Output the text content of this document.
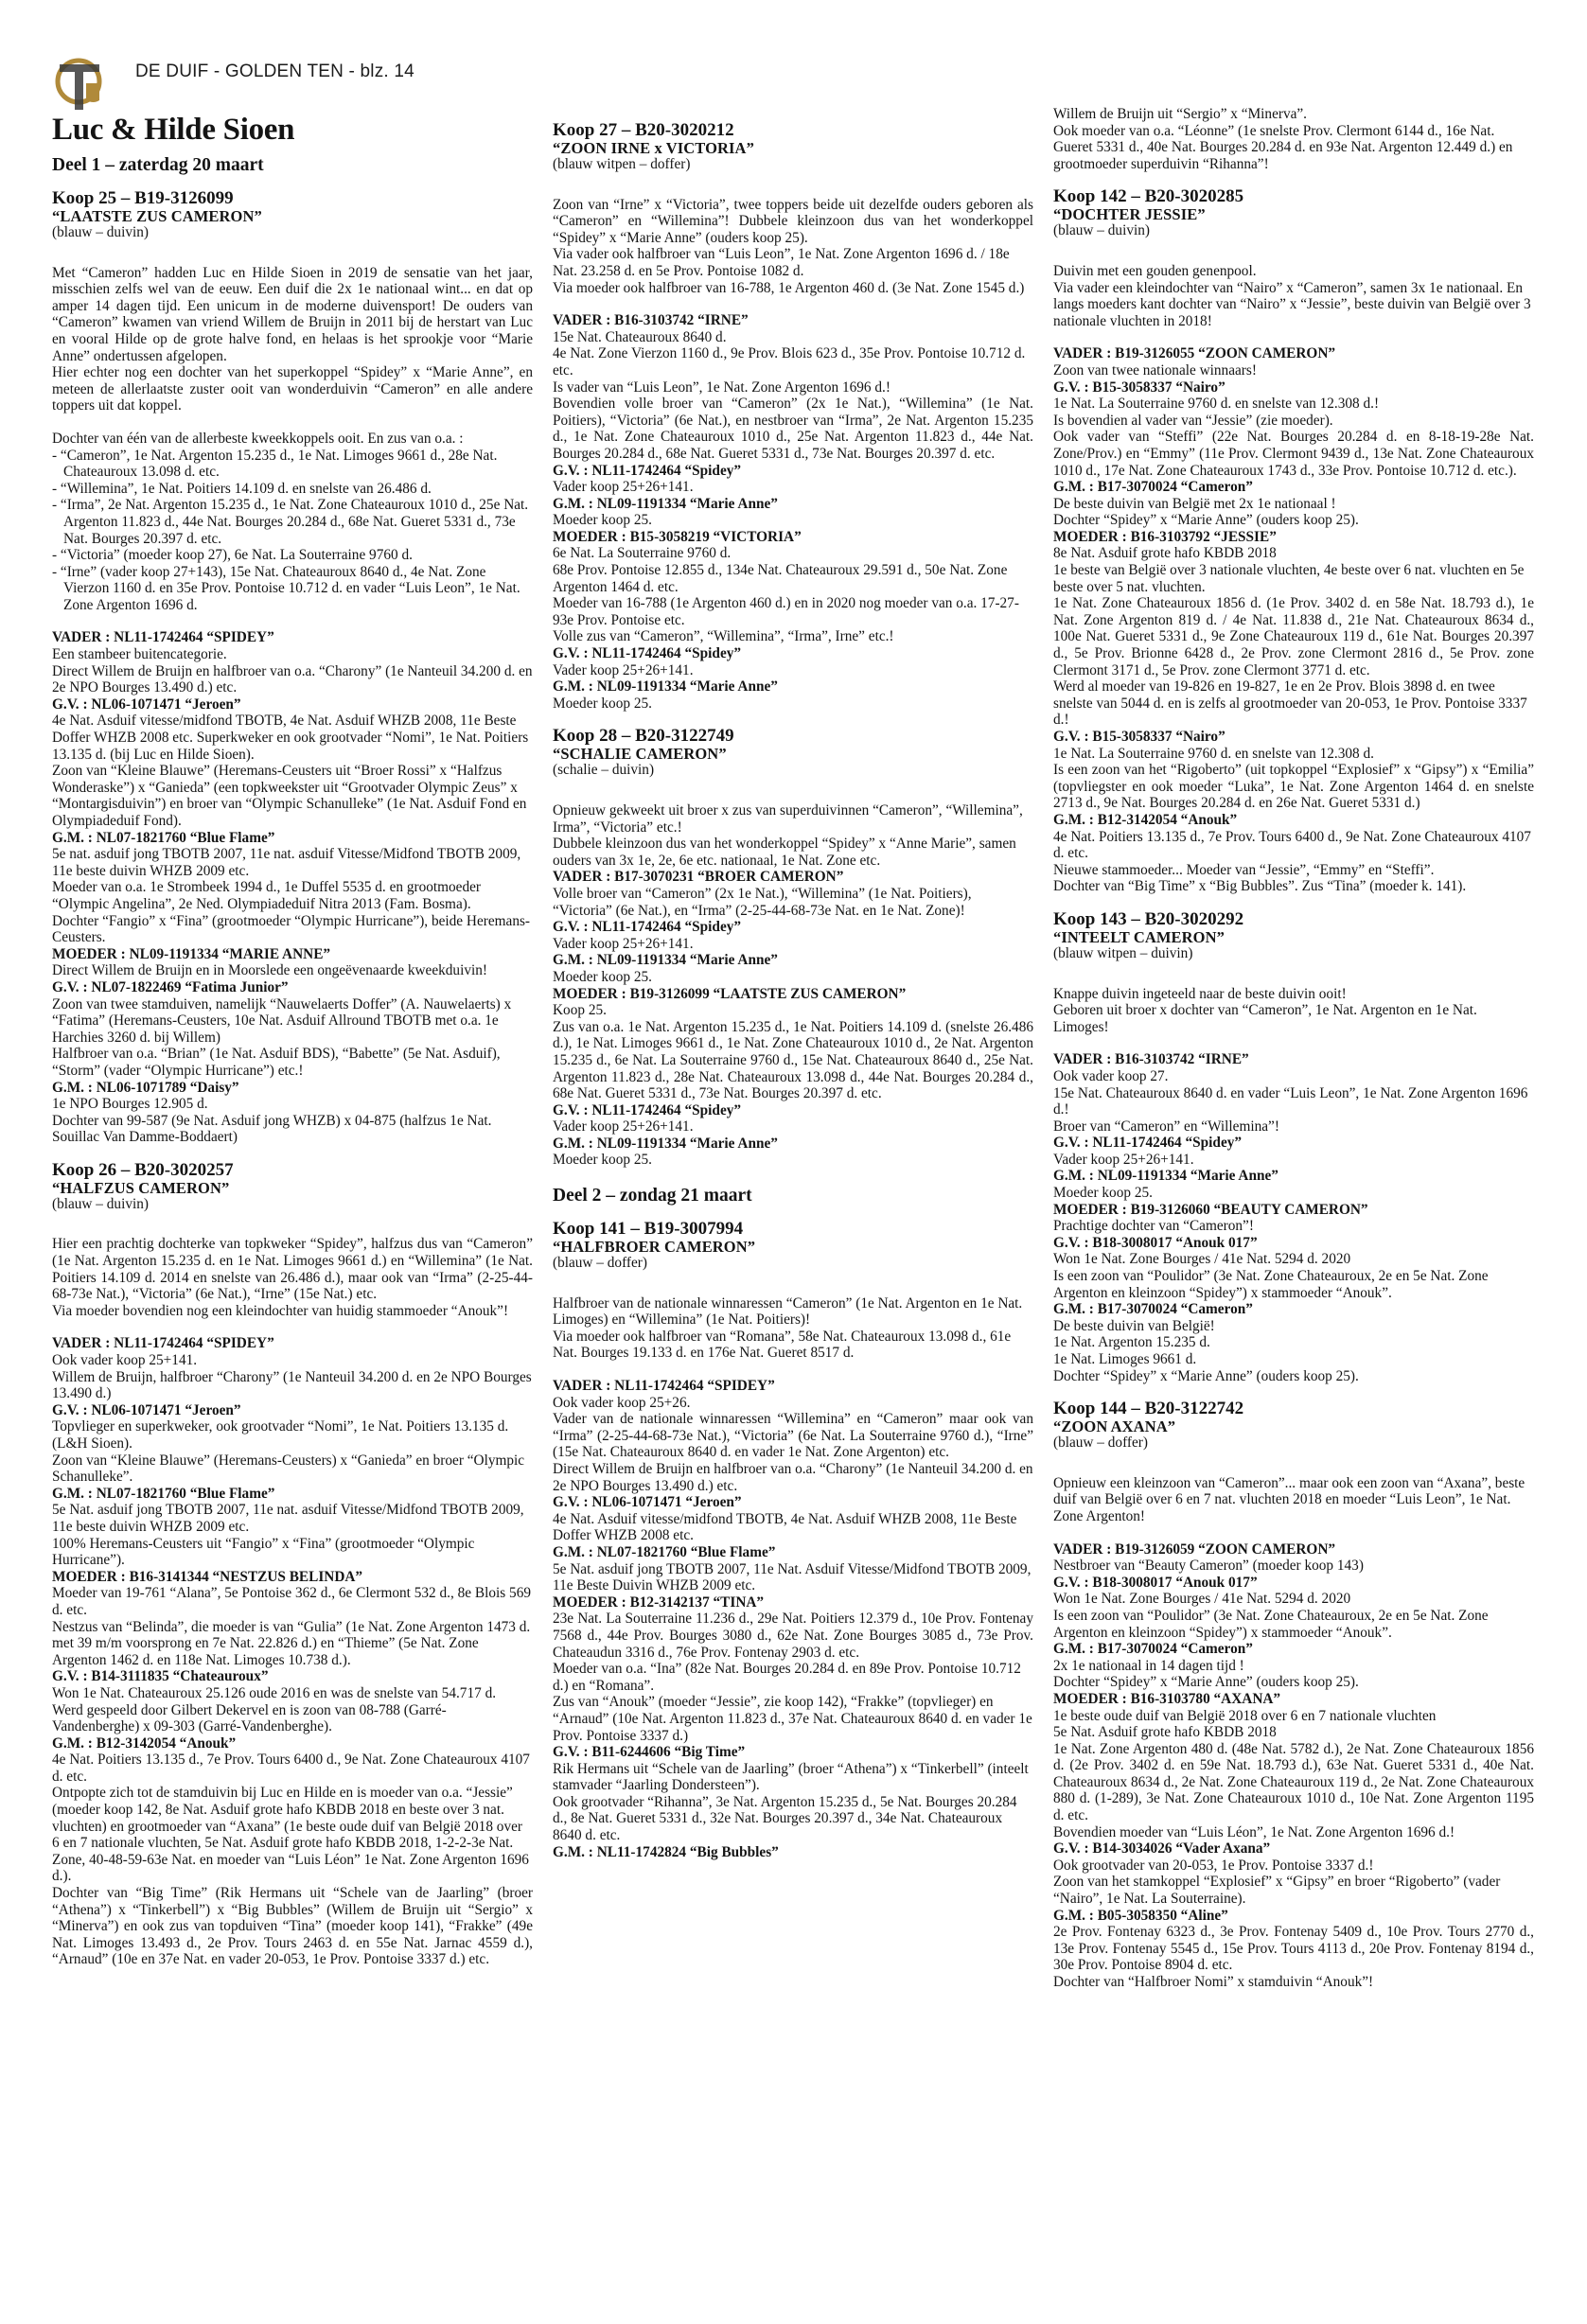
DE DUIF - GOLDEN TEN - blz. 14
Luc & Hilde Sioen
Deel 1 – zaterdag 20 maart
Koop 25 – B19-3126099
“LAATSTE ZUS CAMERON”
(blauw – duivin)

Met “Cameron” hadden Luc en Hilde Sioen in 2019 de sensatie van het jaar, misschien zelfs wel van de eeuw. Een duif die 2x 1e nationaal wint... en dat op amper 14 dagen tijd. Een unicum in de moderne duivensport! De ouders van “Cameron” kwamen van vriend Willem de Bruijn in 2011 bij de herstart van Luc en vooral Hilde op de grote halve fond, en helaas is het sprookje voor “Marie Anne” ondertussen afgelopen.

Hier echter nog een dochter van het superkoppel “Spidey” x “Marie Anne”, en meteen de allerlaatste zuster ooit van wonderduivin “Cameron” en alle andere toppers uit dat koppel.

Dochter van één van de allerbeste kweekkoppels ooit. En zus van o.a. :

- “Cameron”, 1e Nat. Argenton 15.235 d., 1e Nat. Limoges 9661 d., 28e Nat. Chateauroux 13.098 d. etc.
- “Willemina”, 1e Nat. Poitiers 14.109 d. en snelste van 26.486 d.
- “Irma”, 2e Nat. Argenton 15.235 d., 1e Nat. Zone Chateauroux 1010 d., 25e Nat. Argenton 11.823 d., 44e Nat. Bourges 20.284 d., 68e Nat. Gueret 5331 d., 73e Nat. Bourges 20.397 d. etc.
- “Victoria” (moeder koop 27), 6e Nat. La Souterraine 9760 d.
- “Irne” (vader koop 27+143), 15e Nat. Chateauroux 8640 d., 4e Nat. Zone Vierzon 1160 d. en 35e Prov. Pontoise 10.712 d. en vader “Luis Leon”, 1e Nat. Zone Argenton 1696 d.

VADER : NL11-1742464 “SPIDEY”

Een stambeer buitencategorie.

Direct Willem de Bruijn en halfbroer van o.a. “Charony” (1e Nanteuil 34.200 d. en 2e NPO Bourges 13.490 d.) etc.

G.V. : NL06-1071471 “Jeroen”

4e Nat. Asduif vitesse/midfond TBOTB, 4e Nat. Asduif WHZB 2008, 11e Beste Doffer WHZB 2008 etc. Superkweker en ook grootvader “Nomi”, 1e Nat. Poitiers 13.135 d. (bij Luc en Hilde Sioen).

Zoon van “Kleine Blauwe” (Heremans-Ceusters uit “Broer Rossi” x “Halfzus Wonderaske”) x “Ganieda” (een topkweekster uit “Grootvader Olympic Zeus” x “Montargisduivin”) en broer van “Olympic Schanulleke” (1e Nat. Asduif Fond en Olympiadeduif Fond).

G.M. : NL07-1821760 “Blue Flame”

5e nat. asduif jong TBOTB 2007, 11e nat. asduif Vitesse/Midfond TBOTB 2009, 11e beste duivin WHZB 2009 etc.

Moeder van o.a. 1e Strombeek 1994 d., 1e Duffel 5535 d. en grootmoeder “Olympic Angelina”, 2e Ned. Olympiadeduif Nitra 2013 (Fam. Bosma).

Dochter “Fangio” x “Fina” (grootmoeder “Olympic Hurricane”), beide Heremans-Ceusters.

MOEDER : NL09-1191334 “MARIE ANNE”

Direct Willem de Bruijn en in Moorslede een ongeëvenaarde kweekduivin!

G.V. : NL07-1822469 “Fatima Junior”

Zoon van twee stamduiven, namelijk “Nauwelaerts Doffer” (A. Nauwelaerts) x “Fatima” (Heremans-Ceusters, 10e Nat. Asduif Allround TBOTB met o.a. 1e Harchies 3260 d. bij Willem)

Halfbroer van o.a. “Brian” (1e Nat. Asduif BDS), “Babette” (5e Nat. Asduif), “Storm” (vader “Olympic Hurricane”) etc.!

G.M. : NL06-1071789 “Daisy”

1e NPO Bourges 12.905 d.

Dochter van 99-587 (9e Nat. Asduif jong WHZB) x 04-875 (halfzus 1e Nat. Souillac Van Damme-Boddaert)

Koop 26 – B20-3020257
“HALFZUS CAMERON”
(blauw – duivin)

Hier een prachtig dochterke van topkweker “Spidey”, halfzus dus van “Cameron” (1e Nat. Argenton 15.235 d. en 1e Nat. Limoges 9661 d.) en “Willemina” (1e Nat. Poitiers 14.109 d. 2014 en snelste van 26.486 d.), maar ook van “Irma” (2-25-44-68-73e Nat.), “Victoria” (6e Nat.), “Irne” (15e Nat.) etc.

Via moeder bovendien nog een kleindochter van huidig stammoeder “Anouk”!

VADER : NL11-1742464 “SPIDEY”

Ook vader koop 25+141.

Willem de Bruijn, halfbroer “Charony” (1e Nanteuil 34.200 d. en 2e NPO Bourges 13.490 d.)

G.V. : NL06-1071471 “Jeroen”

Topvlieger en superkweker, ook grootvader “Nomi”, 1e Nat. Poitiers 13.135 d. (L&H Sioen).

Zoon van “Kleine Blauwe” (Heremans-Ceusters) x “Ganieda” en broer “Olympic Schanulleke”.

G.M. : NL07-1821760 “Blue Flame”

5e Nat. asduif jong TBOTB 2007, 11e nat. asduif Vitesse/Midfond TBOTB 2009, 11e beste duivin WHZB 2009 etc.

100% Heremans-Ceusters uit “Fangio” x “Fina” (grootmoeder “Olympic Hurricane”).

MOEDER : B16-3141344 “NESTZUS BELINDA”

Moeder van 19-761 “Alana”, 5e Pontoise 362 d., 6e Clermont 532 d., 8e Blois 569 d. etc.

Nestzus van “Belinda”, die moeder is van “Gulia” (1e Nat. Zone Argenton 1473 d. met 39 m/m voorsprong en 7e Nat. 22.826 d.) en “Thieme” (5e Nat. Zone Argenton 1462 d. en 118e Nat. Limoges 10.738 d.).

G.V. : B14-3111835 “Chateauroux”

Won 1e Nat. Chateauroux 25.126 oude 2016 en was de snelste van 54.717 d.

Werd gespeeld door Gilbert Dekervel en is zoon van 08-788 (Garré-Vandenberghe) x 09-303 (Garré-Vandenberghe).

G.M. : B12-3142054 “Anouk”

4e Nat. Poitiers 13.135 d., 7e Prov. Tours 6400 d., 9e Nat. Zone Chateauroux 4107 d. etc.

Ontpopte zich tot de stamduivin bij Luc en Hilde en is moeder van o.a. “Jessie” (moeder koop 142, 8e Nat. Asduif grote hafo KBDB 2018 en beste over 3 nat. vluchten) en grootmoeder van “Axana” (1e beste oude duif van België 2018 over 6 en 7 nationale vluchten, 5e Nat. Asduif grote hafo KBDB 2018, 1-2-2-3e Nat. Zone, 40-48-59-63e Nat. en moeder van “Luis Léon” 1e Nat. Zone Argenton 1696 d.).

Dochter van “Big Time” (Rik Hermans uit “Schele van de Jaarling” (broer “Athena”) x “Tinkerbell”) x “Big Bubbles” (Willem de Bruijn uit “Sergio” x “Minerva”) en ook zus van topduiven “Tina” (moeder koop 141), “Frakke” (49e Nat. Limoges 13.493 d., 2e Prov. Tours 2463 d. en 55e Nat. Jarnac 4559 d.), “Arnaud” (10e en 37e Nat. en vader 20-053, 1e Prov. Pontoise 3337 d.) etc.

Koop 27 – B20-3020212
“ZOON IRNE x VICTORIA”
(blauw witpen – doffer)

Zoon van “Irne” x “Victoria”, twee toppers beide uit dezelfde ouders geboren als “Cameron” en “Willemina”! Dubbele kleinzoon dus van het wonderkoppel “Spidey” x “Marie Anne” (ouders koop 25).

Via vader ook halfbroer van “Luis Leon”, 1e Nat. Zone Argenton 1696 d. / 18e Nat. 23.258 d. en 5e Prov. Pontoise 1082 d.

Via moeder ook halfbroer van 16-788, 1e Argenton 460 d. (3e Nat. Zone 1545 d.)

VADER : B16-3103742 “IRNE”

15e Nat. Chateauroux 8640 d.

4e Nat. Zone Vierzon 1160 d., 9e Prov. Blois 623 d., 35e Prov. Pontoise 10.712 d. etc.

Is vader van “Luis Leon”, 1e Nat. Zone Argenton 1696 d.!

Bovendien volle broer van “Cameron” (2x 1e Nat.), “Willemina” (1e Nat. Poitiers), “Victoria” (6e Nat.), en nestbroer van “Irma”, 2e Nat. Argenton 15.235 d., 1e Nat. Zone Chateauroux 1010 d., 25e Nat. Argenton 11.823 d., 44e Nat. Bourges 20.284 d., 68e Nat. Gueret 5331 d., 73e Nat. Bourges 20.397 d. etc.

G.V. : NL11-1742464 “Spidey”

Vader koop 25+26+141.

G.M. : NL09-1191334 “Marie Anne”

Moeder koop 25.

MOEDER : B15-3058219 “VICTORIA”

6e Nat. La Souterraine 9760 d.

68e Prov. Pontoise 12.855 d., 134e Nat. Chateauroux 29.591 d., 50e Nat. Zone Argenton 1464 d. etc.

Moeder van 16-788 (1e Argenton 460 d.) en in 2020 nog moeder van o.a. 17-27-93e Prov. Pontoise etc.

Volle zus van “Cameron”, “Willemina”, “Irma”, Irne” etc.!

G.V. : NL11-1742464 “Spidey”

Vader koop 25+26+141.

G.M. : NL09-1191334 “Marie Anne”

Moeder koop 25.

Koop 28 – B20-3122749
“SCHALIE CAMERON”
(schalie – duivin)

Opnieuw gekweekt uit broer x zus van superduivinnen “Cameron”, “Willemina”, Irma”, “Victoria” etc.!

Dubbele kleinzoon dus van het wonderkoppel “Spidey” x “Anne Marie”, samen ouders van 3x 1e, 2e, 6e etc. nationaal, 1e Nat. Zone etc.

VADER : B17-3070231 “BROER CAMERON”

Volle broer van “Cameron” (2x 1e Nat.), “Willemina” (1e Nat. Poitiers), “Victoria” (6e Nat.), en “Irma” (2-25-44-68-73e Nat. en 1e Nat. Zone)!

G.V. : NL11-1742464 “Spidey”

Vader koop 25+26+141.

G.M. : NL09-1191334 “Marie Anne”

Moeder koop 25.

MOEDER : B19-3126099 “LAATSTE ZUS CAMERON”

Koop 25.

Zus van o.a. 1e Nat. Argenton 15.235 d., 1e Nat. Poitiers 14.109 d. (snelste 26.486 d.), 1e Nat. Limoges 9661 d., 1e Nat. Zone Chateauroux 1010 d., 2e Nat. Argenton 15.235 d., 6e Nat. La Souterraine 9760 d., 15e Nat. Chateauroux 8640 d., 25e Nat. Argenton 11.823 d., 28e Nat. Chateauroux 13.098 d., 44e Nat. Bourges 20.284 d., 68e Nat. Gueret 5331 d., 73e Nat. Bourges 20.397 d. etc.

G.V. : NL11-1742464 “Spidey”

Vader koop 25+26+141.

G.M. : NL09-1191334 “Marie Anne”

Moeder koop 25.

Deel 2 – zondag 21 maart
Koop 141 – B19-3007994
“HALFBROER CAMERON”
(blauw – doffer)

Halfbroer van de nationale winnaressen “Cameron” (1e Nat. Argenton en 1e Nat. Limoges) en “Willemina” (1e Nat. Poitiers)!

Via moeder ook halfbroer van “Romana”, 58e Nat. Chateauroux 13.098 d., 61e Nat. Bourges 19.133 d. en 176e Nat. Gueret 8517 d.

VADER : NL11-1742464 “SPIDEY”

Ook vader koop 25+26.

Vader van de nationale winnaressen “Willemina” en “Cameron” maar ook van “Irma” (2-25-44-68-73e Nat.), “Victoria” (6e Nat. La Souterraine 9760 d.), “Irne” (15e Nat. Chateauroux 8640 d. en vader 1e Nat. Zone Argenton) etc.

Direct Willem de Bruijn en halfbroer van o.a. “Charony” (1e Nanteuil 34.200 d. en 2e NPO Bourges 13.490 d.) etc.

G.V. : NL06-1071471 “Jeroen”

4e Nat. Asduif vitesse/midfond TBOTB, 4e Nat. Asduif WHZB 2008, 11e Beste Doffer WHZB 2008 etc.

G.M. : NL07-1821760 “Blue Flame”

5e Nat. asduif jong TBOTB 2007, 11e Nat. Asduif Vitesse/Midfond TBOTB 2009, 11e Beste Duivin WHZB 2009 etc.

MOEDER : B12-3142137 “TINA”

23e Nat. La Souterraine 11.236 d., 29e Nat. Poitiers 12.379 d., 10e Prov. Fontenay 7568 d., 44e Prov. Bourges 3080 d., 62e Nat. Zone Bourges 3085 d., 73e Prov. Chateaudun 3316 d., 76e Prov. Fontenay 2903 d. etc.

Moeder van o.a. “Ina” (82e Nat. Bourges 20.284 d. en 89e Prov. Pontoise 10.712 d.) en “Romana”.

Zus van “Anouk” (moeder “Jessie”, zie koop 142), “Frakke” (topvlieger) en “Arnaud” (10e Nat. Argenton 11.823 d., 37e Nat. Chateauroux 8640 d. en vader 1e Prov. Pontoise 3337 d.)

G.V. : B11-6244606 “Big Time”

Rik Hermans uit “Schele van de Jaarling” (broer “Athena”) x “Tinkerbell” (inteelt stamvader “Jaarling Dondersteen”).

Ook grootvader “Rihanna”, 3e Nat. Argenton 15.235 d., 5e Nat. Bourges 20.284 d., 8e Nat. Gueret 5331 d., 32e Nat. Bourges 20.397 d., 34e Nat. Chateauroux 8640 d. etc.

G.M. : NL11-1742824 “Big Bubbles”

Willem de Bruijn uit “Sergio” x “Minerva”.

Ook moeder van o.a. “Léonne” (1e snelste Prov. Clermont 6144 d., 16e Nat. Gueret 5331 d., 40e Nat. Bourges 20.284 d. en 93e Nat. Argenton 12.449 d.) en grootmoeder superduivin “Rihanna”!

Koop 142 – B20-3020285
“DOCHTER JESSIE”
(blauw – duivin)

Duivin met een gouden genenpool.

Via vader een kleindochter van “Nairo” x “Cameron”, samen 3x 1e nationaal. En langs moeders kant dochter van “Nairo” x “Jessie”, beste duivin van België over 3 nationale vluchten in 2018!

VADER : B19-3126055 “ZOON CAMERON”

Zoon van twee nationale winnaars!

G.V. : B15-3058337 “Nairo”

1e Nat. La Souterraine 9760 d. en snelste van 12.308 d.!

Is bovendien al vader van “Jessie” (zie moeder).

Ook vader van “Steffi” (22e Nat. Bourges 20.284 d. en 8-18-19-28e Nat. Zone/Prov.) en “Emmy” (11e Prov. Clermont 9439 d., 13e Nat. Zone Chateauroux 1010 d., 17e Nat. Zone Chateauroux 1743 d., 33e Prov. Pontoise 10.712 d. etc.).

G.M. : B17-3070024 “Cameron”

De beste duivin van België met 2x 1e nationaal !

Dochter “Spidey” x “Marie Anne” (ouders koop 25).

MOEDER : B16-3103792 “JESSIE”

8e Nat. Asduif grote hafo KBDB 2018

1e beste van België over 3 nationale vluchten, 4e beste over 6 nat. vluchten en 5e beste over 5 nat. vluchten.

1e Nat. Zone Chateauroux 1856 d. (1e Prov. 3402 d. en 58e Nat. 18.793 d.), 1e Nat. Zone Argenton 819 d. / 4e Nat. 11.838 d., 21e Nat. Chateauroux 8634 d., 100e Nat. Gueret 5331 d., 9e Zone Chateauroux 119 d., 61e Nat. Bourges 20.397 d., 5e Prov. Brionne 6428 d., 2e Prov. zone Clermont 2816 d., 5e Prov. zone Clermont 3171 d., 5e Prov. zone Clermont 3771 d. etc.

Werd al moeder van 19-826 en 19-827, 1e en 2e Prov. Blois 3898 d. en twee snelste van 5044 d. en is zelfs al grootmoeder van 20-053, 1e Prov. Pontoise 3337 d.!

G.V. : B15-3058337 “Nairo”

1e Nat. La Souterraine 9760 d. en snelste van 12.308 d.

Is een zoon van het “Rigoberto” (uit topkoppel “Explosief” x “Gipsy”) x “Emilia” (topvliegster en ook moeder “Luka”, 1e Nat. Zone Argenton 1464 d. en snelste 2713 d., 9e Nat. Bourges 20.284 d. en 26e Nat. Gueret 5331 d.)

G.M. : B12-3142054 “Anouk”

4e Nat. Poitiers 13.135 d., 7e Prov. Tours 6400 d., 9e Nat. Zone Chateauroux 4107 d. etc.

Nieuwe stammoeder... Moeder van “Jessie”, “Emmy” en “Steffi”.

Dochter van “Big Time” x “Big Bubbles”. Zus “Tina” (moeder k. 141).

Koop 143 – B20-3020292
“INTEELT CAMERON”
(blauw witpen – duivin)

Knappe duivin ingeteeld naar de beste duivin ooit!

Geboren uit broer x dochter van “Cameron”, 1e Nat. Argenton en 1e Nat. Limoges!

VADER : B16-3103742 “IRNE”

Ook vader koop 27.

15e Nat. Chateauroux 8640 d. en vader “Luis Leon”, 1e Nat. Zone Argenton 1696 d.!

Broer van “Cameron” en “Willemina”!

G.V. : NL11-1742464 “Spidey”

Vader koop 25+26+141.

G.M. : NL09-1191334 “Marie Anne”

Moeder koop 25.

MOEDER : B19-3126060 “BEAUTY CAMERON”

Prachtige dochter van “Cameron”!

G.V. : B18-3008017 “Anouk 017”

Won 1e Nat. Zone Bourges / 41e Nat. 5294 d. 2020

Is een zoon van “Poulidor” (3e Nat. Zone Chateauroux, 2e en 5e Nat. Zone Argenton en kleinzoon “Spidey”) x stammoeder “Anouk”.

G.M. : B17-3070024 “Cameron”

De beste duivin van België!

1e Nat. Argenton 15.235 d.

1e Nat. Limoges 9661 d.

Dochter “Spidey” x “Marie Anne” (ouders koop 25).

Koop 144 – B20-3122742
“ZOON AXANA”
(blauw – doffer)

Opnieuw een kleinzoon van “Cameron”... maar ook een zoon van “Axana”, beste duif van België over 6 en 7 nat. vluchten 2018 en moeder “Luis Leon”, 1e Nat. Zone Argenton!

VADER : B19-3126059 “ZOON CAMERON”

Nestbroer van “Beauty Cameron” (moeder koop 143)

G.V. : B18-3008017 “Anouk 017”

Won 1e Nat. Zone Bourges / 41e Nat. 5294 d. 2020

Is een zoon van “Poulidor” (3e Nat. Zone Chateauroux, 2e en 5e Nat. Zone Argenton en kleinzoon “Spidey”) x stammoeder “Anouk”.

G.M. : B17-3070024 “Cameron”

2x 1e nationaal in 14 dagen tijd !

Dochter “Spidey” x “Marie Anne” (ouders koop 25).

MOEDER : B16-3103780 “AXANA”

1e beste oude duif van België 2018 over 6 en 7 nationale vluchten

5e Nat. Asduif grote hafo KBDB 2018

1e Nat. Zone Argenton 480 d. (48e Nat. 5782 d.), 2e Nat. Zone Chateauroux 1856 d. (2e Prov. 3402 d. en 59e Nat. 18.793 d.), 63e Nat. Gueret 5331 d., 40e Nat. Chateauroux 8634 d., 2e Nat. Zone Chateauroux 119 d., 2e Nat. Zone Chateauroux 880 d. (1-289), 3e Nat. Zone Chateauroux 1010 d., 10e Nat. Zone Argenton 1195 d. etc.

Bovendien moeder van “Luis Léon”, 1e Nat. Zone Argenton 1696 d.!

G.V. : B14-3034026 “Vader Axana”

Ook grootvader van 20-053, 1e Prov. Pontoise 3337 d.!

Zoon van het stamkoppel “Explosief” x “Gipsy” en broer “Rigoberto” (vader “Nairo”, 1e Nat. La Souterraine).

G.M. : B05-3058350 “Aline”

2e Prov. Fontenay 6323 d., 3e Prov. Fontenay 5409 d., 10e Prov. Tours 2770 d., 13e Prov. Fontenay 5545 d., 15e Prov. Tours 4113 d., 20e Prov. Fontenay 8194 d., 30e Prov. Pontoise 8904 d. etc.

Dochter van “Halfbroer Nomi” x stamduivin “Anouk”!
